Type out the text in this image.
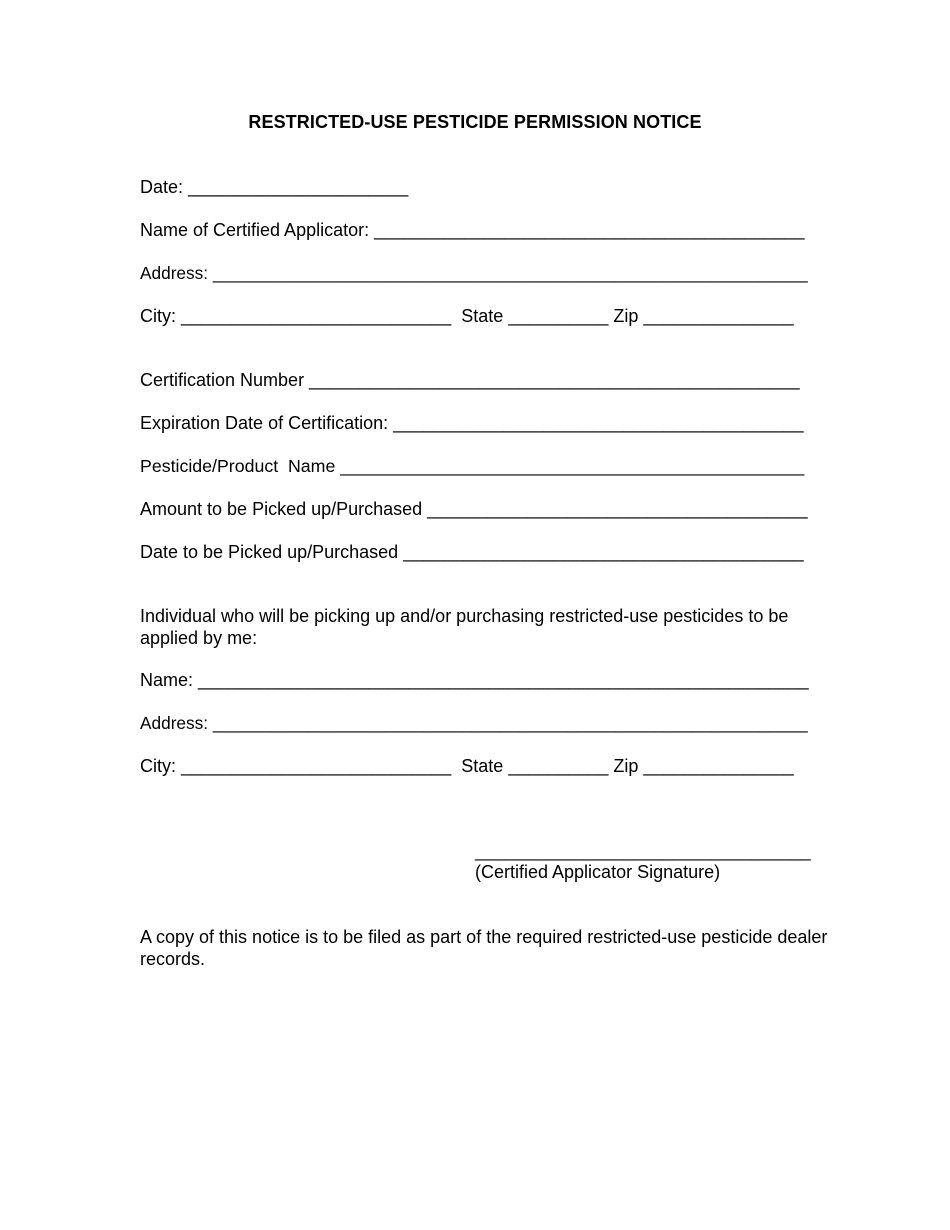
RESTRICTED-USE PESTICIDE PERMISSION NOTICE
Date: ______________________
Name of Certified Applicator: ___________________________________________
Address: ______________________________________________________________
City: ___________________________  State __________ Zip _______________
Certification Number _________________________________________________
Expiration Date of Certification: _________________________________________
Pesticide/Product  Name _______________________________________________
Amount to be Picked up/Purchased ______________________________________
Date to be Picked up/Purchased ________________________________________
Individual who will be picking up and/or purchasing restricted-use pesticides to be applied by me:
Name: _____________________________________________________________
Address: ______________________________________________________________
City: ___________________________  State __________ Zip _______________
__________________________________
(Certified Applicator Signature)
A copy of this notice is to be filed as part of the required restricted-use pesticide dealer records.
